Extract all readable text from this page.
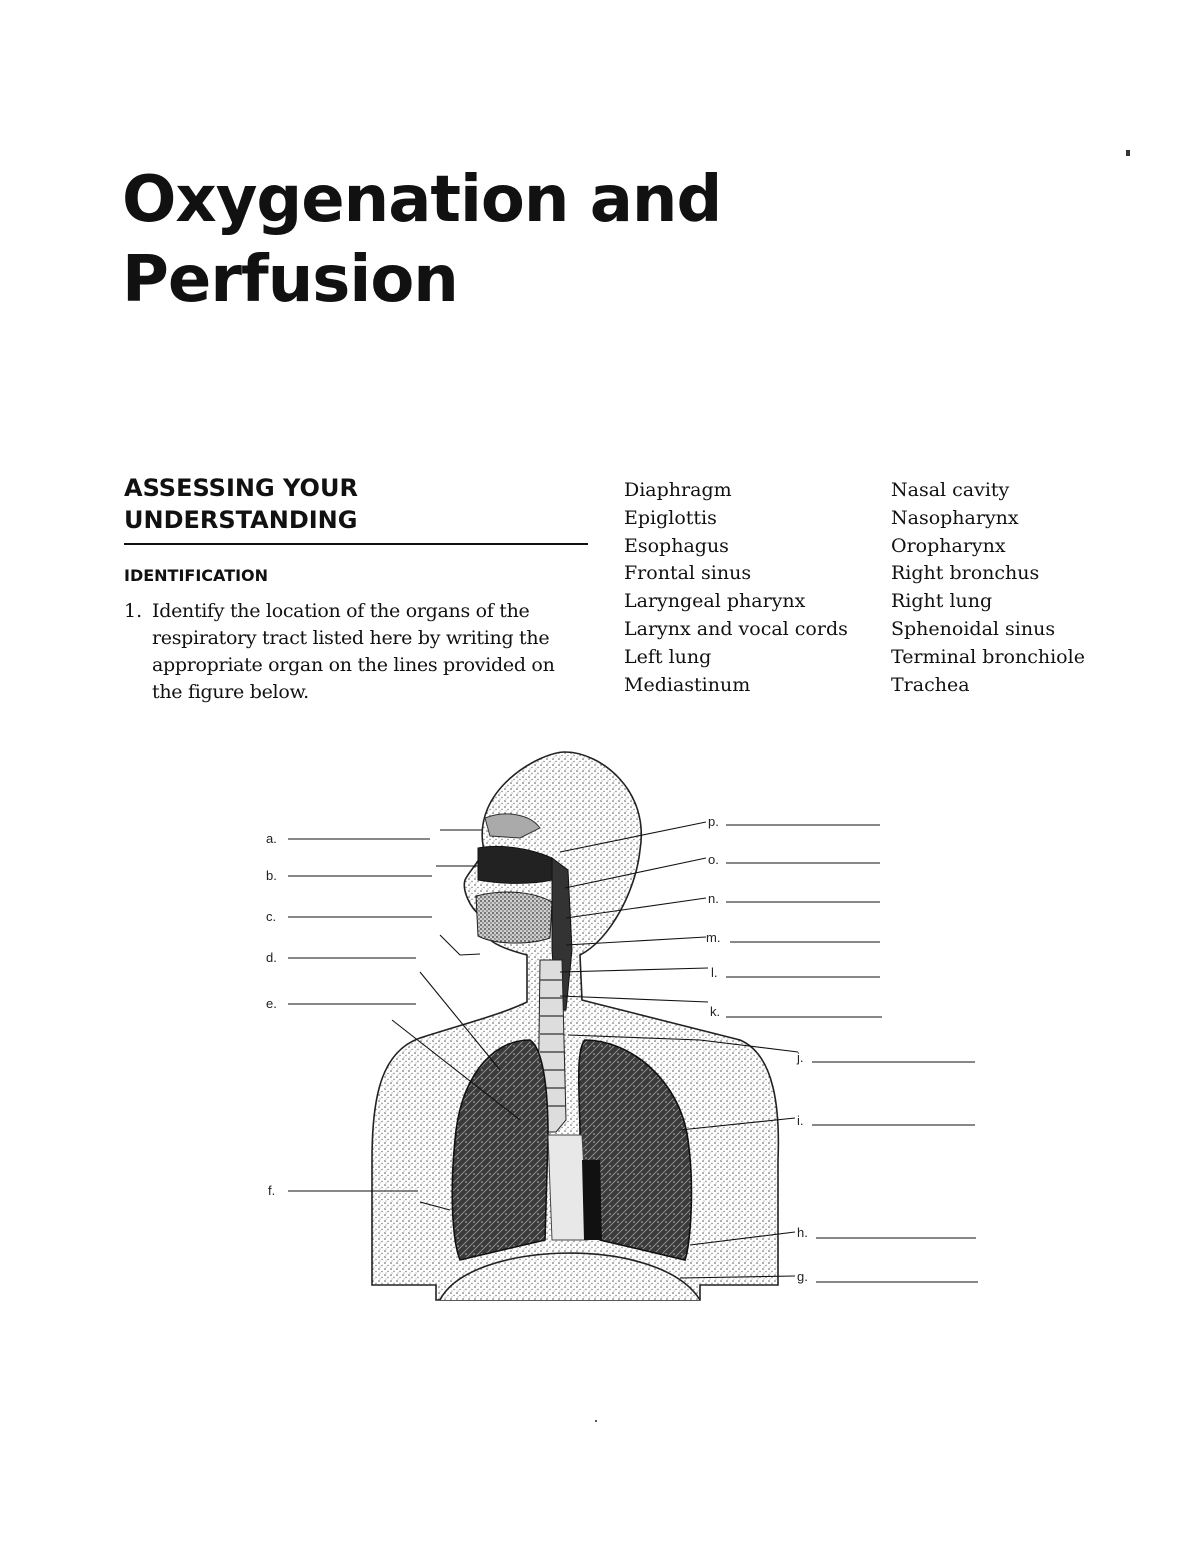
Oxygenation and
Perfusion
ASSESSING YOUR
UNDERSTANDING
IDENTIFICATION
1. Identify the location of the organs of the respiratory tract listed here by writing the appropriate organ on the lines provided on the figure below.
Diaphragm
Epiglottis
Esophagus
Frontal sinus
Laryngeal pharynx
Larynx and vocal cords
Left lung
Mediastinum
Nasal cavity
Nasopharynx
Oropharynx
Right bronchus
Right lung
Sphenoidal sinus
Terminal bronchiole
Trachea
a.
b.
c.
d.
e.
f.
p.
o.
n.
m.
l.
k.
j.
i.
h.
g.
